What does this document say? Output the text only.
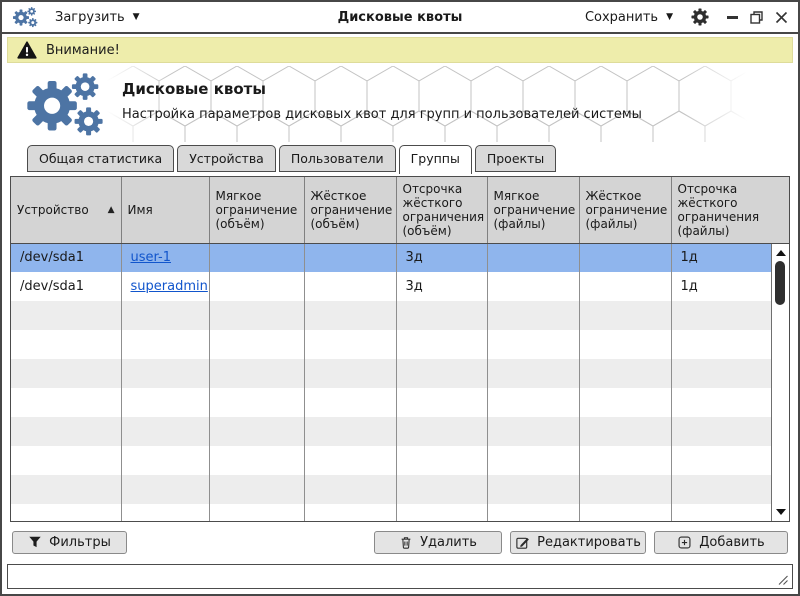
Загрузить ▼	Дисковые квоты	Сохранить ▼
Внимание!
Дисковые квоты
Настройка параметров дисковых квот для групп и пользователей системы
Общая статистика	Устройства	Пользователи	Группы	Проекты
Устройство ▲	Имя	Мягкое ограничение (объём)	Жёсткое ограничение (объём)	Отсрочка жёсткого ограничения (объём)	Мягкое ограничение (файлы)	Жёсткое ограничение (файлы)	Отсрочка жёсткого ограничения (файлы)

/dev/sda1	user-1			3д			1д
/dev/sda1	superadmin			3д			1д

Фильтры	Удалить	Редактировать	Добавить
